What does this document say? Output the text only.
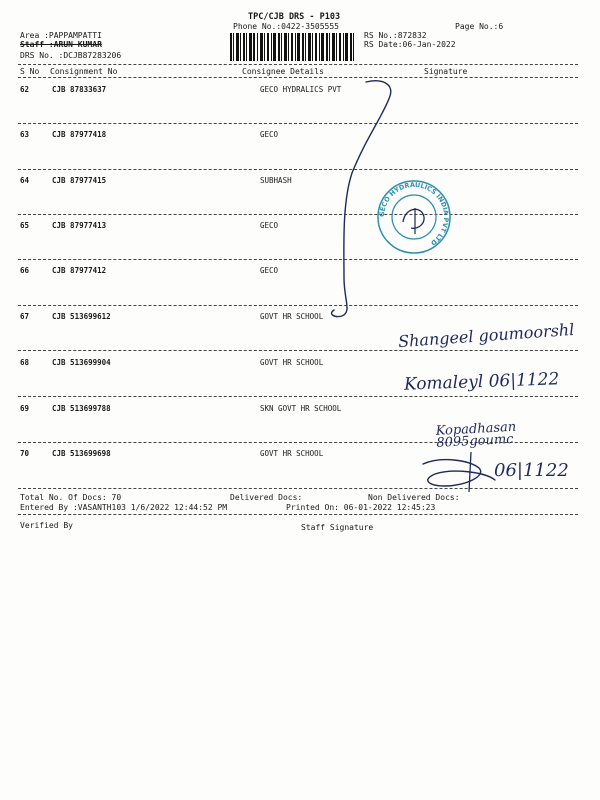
TPC/CJB DRS - P103
Phone No.:0422-3505555	Page No.:6
Area :PAPPAMPATTI
Staff :ARUN KUMAR
DRS No. :DCJB87283206
RS No.:872832
RS Date:06-Jan-2022
S No Consignment No	Consignee Details	Signature
62	CJB 87833637	GECO HYDRALICS PVT
63	CJB 87977418	GECO
64	CJB 87977415	SUBHASH
65	CJB 87977413	GECO
66	CJB 87977412	GECO
67	CJB 513699612	GOVT HR SCHOOL
68	CJB 513699904	GOVT HR SCHOOL
69	CJB 513699788	SKN GOVT HR SCHOOL
70	CJB 513699698	GOVT HR SCHOOL
Total No. Of Docs: 70	Delivered Docs:	Non Delivered Docs:
Entered By :VASANTH103 1/6/2022 12:44:52 PM	Printed On: 06-01-2022 12:45:23
Verified By	Staff Signature
GECO HYDRAULICS INDIA PVT LTD
Shangeel goumoorshl
Komaleyl 06|1122
Kopadhasan 8095goumc
06|1122
